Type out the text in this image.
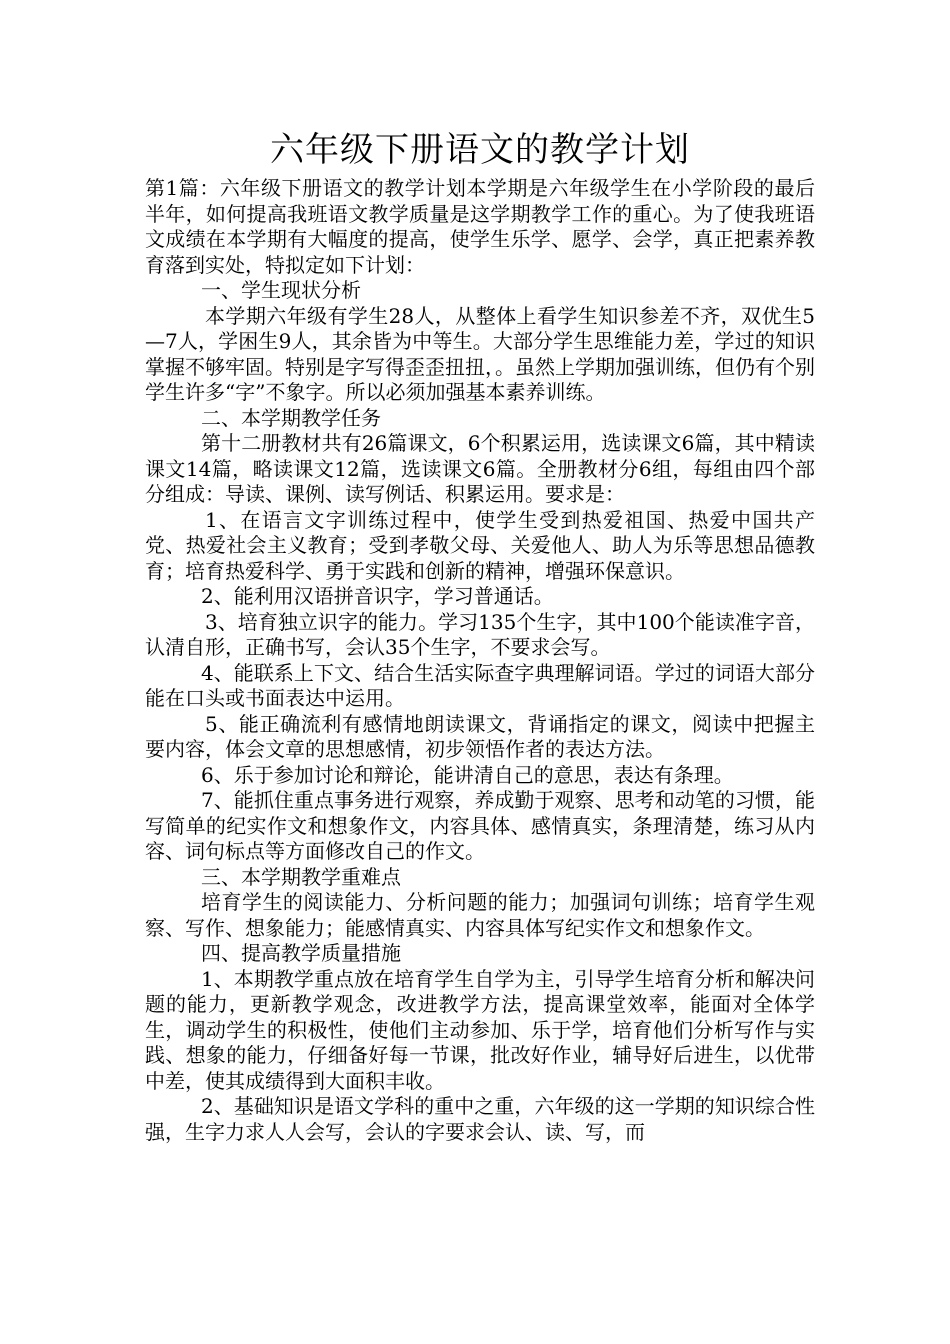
六年级下册语文的教学计划

第1篇：六年级下册语文的教学计划本学期是六年级学生在小学阶段的最后半年，如何提高我班语文教学质量是这学期教学工作的重心。为了使我班语文成绩在本学期有大幅度的提高，使学生乐学、愿学、会学，真正把素养教育落到实处，特拟定如下计划：

一、学生现状分析

本学期六年级有学生28人，从整体上看学生知识参差不齐，双优生5—7人，学困生9人，其余皆为中等生。大部分学生思维能力差，学过的知识掌握不够牢固。特别是字写得歪歪扭扭，。虽然上学期加强训练，但仍有个别学生许多“字”不象字。所以必须加强基本素养训练。

二、本学期教学任务

第十二册教材共有26篇课文，6个积累运用，选读课文6篇，其中精读课文14篇，略读课文12篇，选读课文6篇。全册教材分6组，每组由四个部分组成：导读、课例、读写例话、积累运用。要求是：

1、在语言文字训练过程中，使学生受到热爱祖国、热爱中国共产党、热爱社会主义教育；受到孝敬父母、关爱他人、助人为乐等思想品德教育；培育热爱科学、勇于实践和创新的精神，增强环保意识。

2、能利用汉语拼音识字，学习普通话。

3、培育独立识字的能力。学习135个生字，其中100个能读准字音，认清自形，正确书写，会认35个生字，不要求会写。

4、能联系上下文、结合生活实际查字典理解词语。学过的词语大部分能在口头或书面表达中运用。

5、能正确流利有感情地朗读课文，背诵指定的课文，阅读中把握主要内容，体会文章的思想感情，初步领悟作者的表达方法。

6、乐于参加讨论和辩论，能讲清自己的意思，表达有条理。

7、能抓住重点事务进行观察，养成勤于观察、思考和动笔的习惯，能写简单的纪实作文和想象作文，内容具体、感情真实，条理清楚，练习从内容、词句标点等方面修改自己的作文。

三、本学期教学重难点

培育学生的阅读能力、分析问题的能力；加强词句训练；培育学生观察、写作、想象能力；能感情真实、内容具体写纪实作文和想象作文。

四、提高教学质量措施

1、本期教学重点放在培育学生自学为主，引导学生培育分析和解决问题的能力，更新教学观念，改进教学方法，提高课堂效率，能面对全体学生，调动学生的积极性，使他们主动参加、乐于学，培育他们分析写作与实践、想象的能力，仔细备好每一节课，批改好作业，辅导好后进生，以优带中差，使其成绩得到大面积丰收。

2、基础知识是语文学科的重中之重，六年级的这一学期的知识综合性强，生字力求人人会写，会认的字要求会认、读、写，而
